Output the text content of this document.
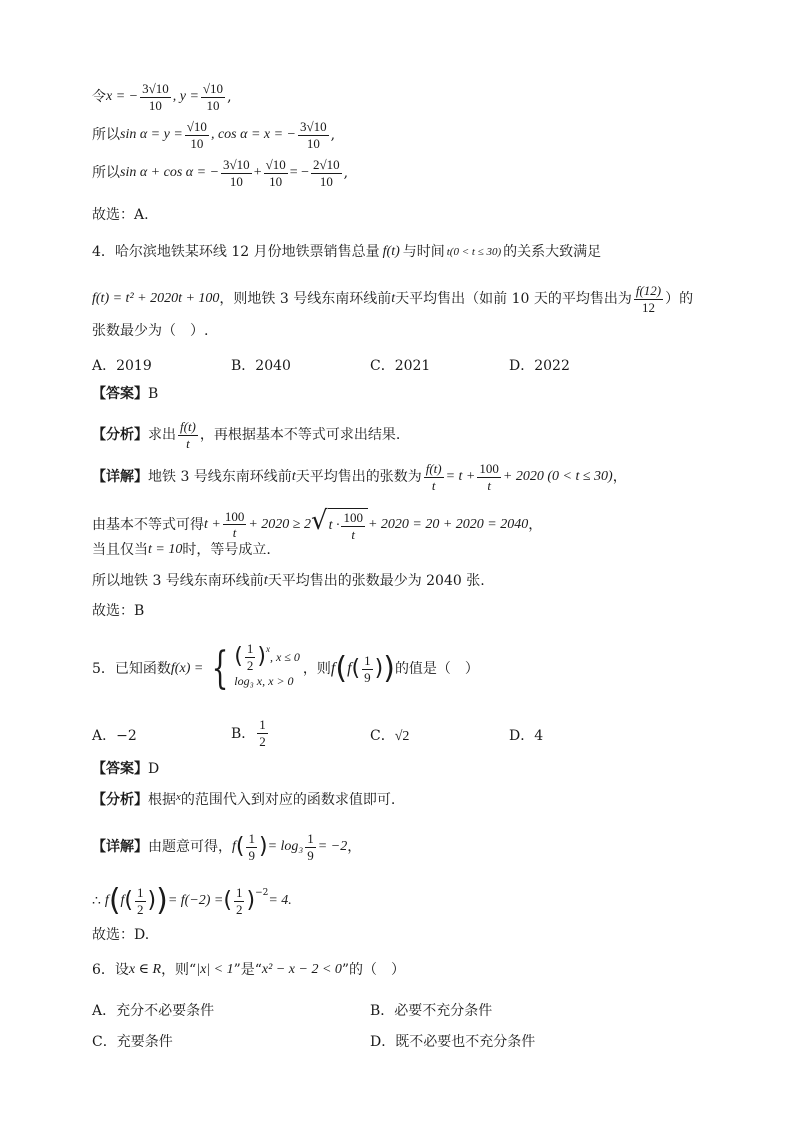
令 x = − $\frac{3√10}{10}$ , $y = \frac{√10}{10}$ ,
所以 $\sin \alpha = y = \frac{√10}{10}$ , cos α = x = − $\frac{3√10}{10}$ ,
所以 sin α + cos α = − $\frac{3√10}{10} + \frac{√10}{10}$ = − $\frac{2√10}{10}$ ,
故选：A.
4． 哈尔滨地铁某环线 12 月份地铁票销售总量 f(t) 与时间 t(0 < t ≤ 30) 的关系大致满足
f(t) = t² + 2020t + 100 ，则地铁 3 号线东南环线前 t 天平均售出（如前 10 天的平均售出为 $\frac{f(12)}{12}$ ）的
张数最少为（　）.
A．2019	B．2040	C．2021	D．2022
【答案】 B
【分析】 求出 $\frac{f(t)}{t}$ ，再根据基本不等式可求出结果.
【详解】 地铁 3 号线东南环线前 t 天平均售出的张数为 $\frac{f(t)}{t} = t + \frac{100}{t} + 2020$ (0 < t ≤ 30) ，
由基本不等式可得 $t + \frac{100}{t} + 2020 \ge 2$ √ $t \cdot \frac{100}{t} + 2020 = 20 + 2020 = 2040$ ，
当且仅当 t = 10 时，等号成立.
所以地铁 3 号线东南环线前 t 天平均售出的张数最少为 2040 张.
故选：B
5． 已知函数 f(x) = { ( $\frac{1}{2}$ ) x
, x ≤ 0
log₃ x, x > 0
，则 f ( f ( $\frac{1}{9}$ ) ) 的值是（　）
A．−2	B． $\frac{1}{2}$	C．√2	D．4
【答案】 D
【分析】 根据 x 的范围代入到对应的函数求值即可.
【详解】 由题意可得， f ( $\frac{1}{9}$ ) = $\log_3 \frac{1}{9} = -2$ ，
∴ f ( f ( $\frac{1}{2}$ ) ) = f(−2) = ( $\frac{1}{2}$ ) −2
= 4.
故选：D.
6． 设 x ∈ R ，则“ |x| < 1 ”是“ x² − x − 2 < 0 ”的（　）
A．充分不必要条件	B．必要不充分条件
C．充要条件	D．既不必要也不充分条件
